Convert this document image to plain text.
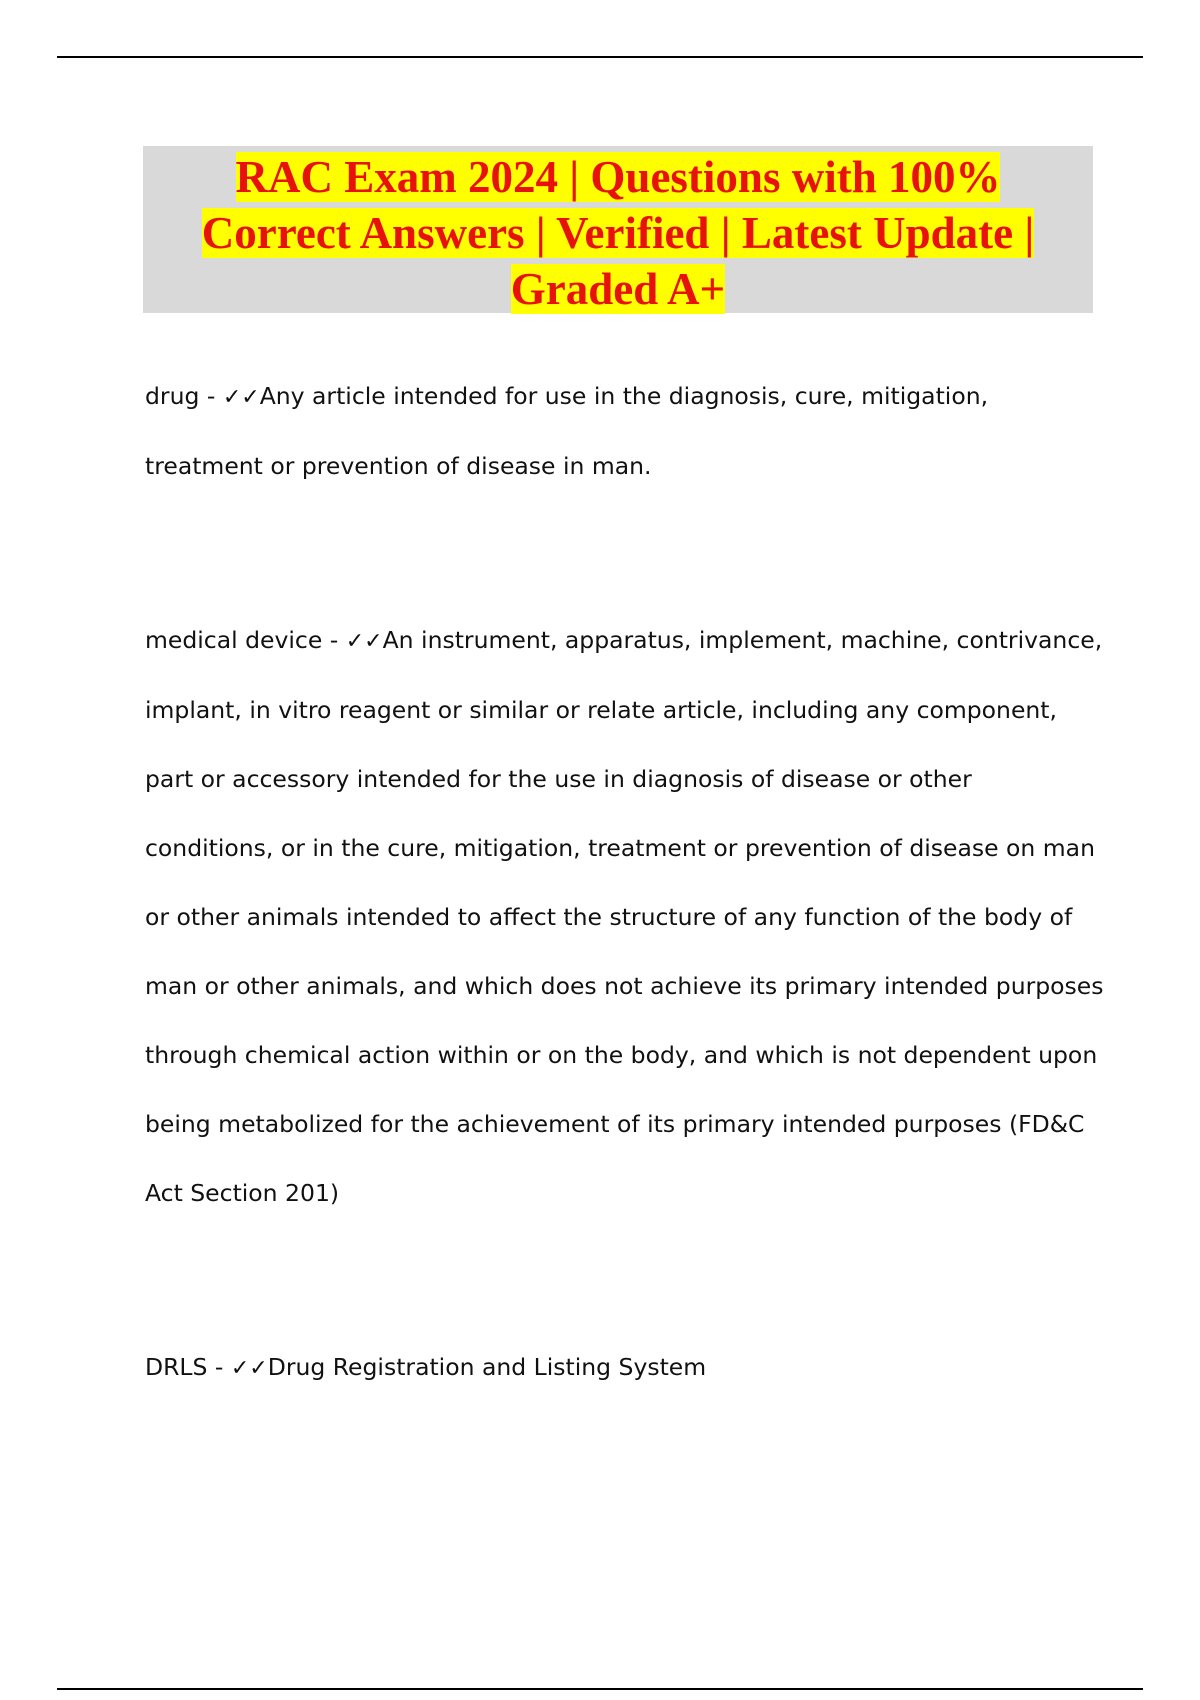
RAC Exam 2024 | Questions with 100%
Correct Answers | Verified | Latest Update |
Graded A+
drug - ✓✓Any article intended for use in the diagnosis, cure, mitigation, treatment or prevention of disease in man.
medical device - ✓✓An instrument, apparatus, implement, machine, contrivance, implant, in vitro reagent or similar or relate article, including any component, part or accessory intended for the use in diagnosis of disease or other conditions, or in the cure, mitigation, treatment or prevention of disease on man or other animals intended to affect the structure of any function of the body of man or other animals, and which does not achieve its primary intended purposes through chemical action within or on the body, and which is not dependent upon being metabolized for the achievement of its primary intended purposes (FD&C Act Section 201)
DRLS - ✓✓Drug Registration and Listing System
